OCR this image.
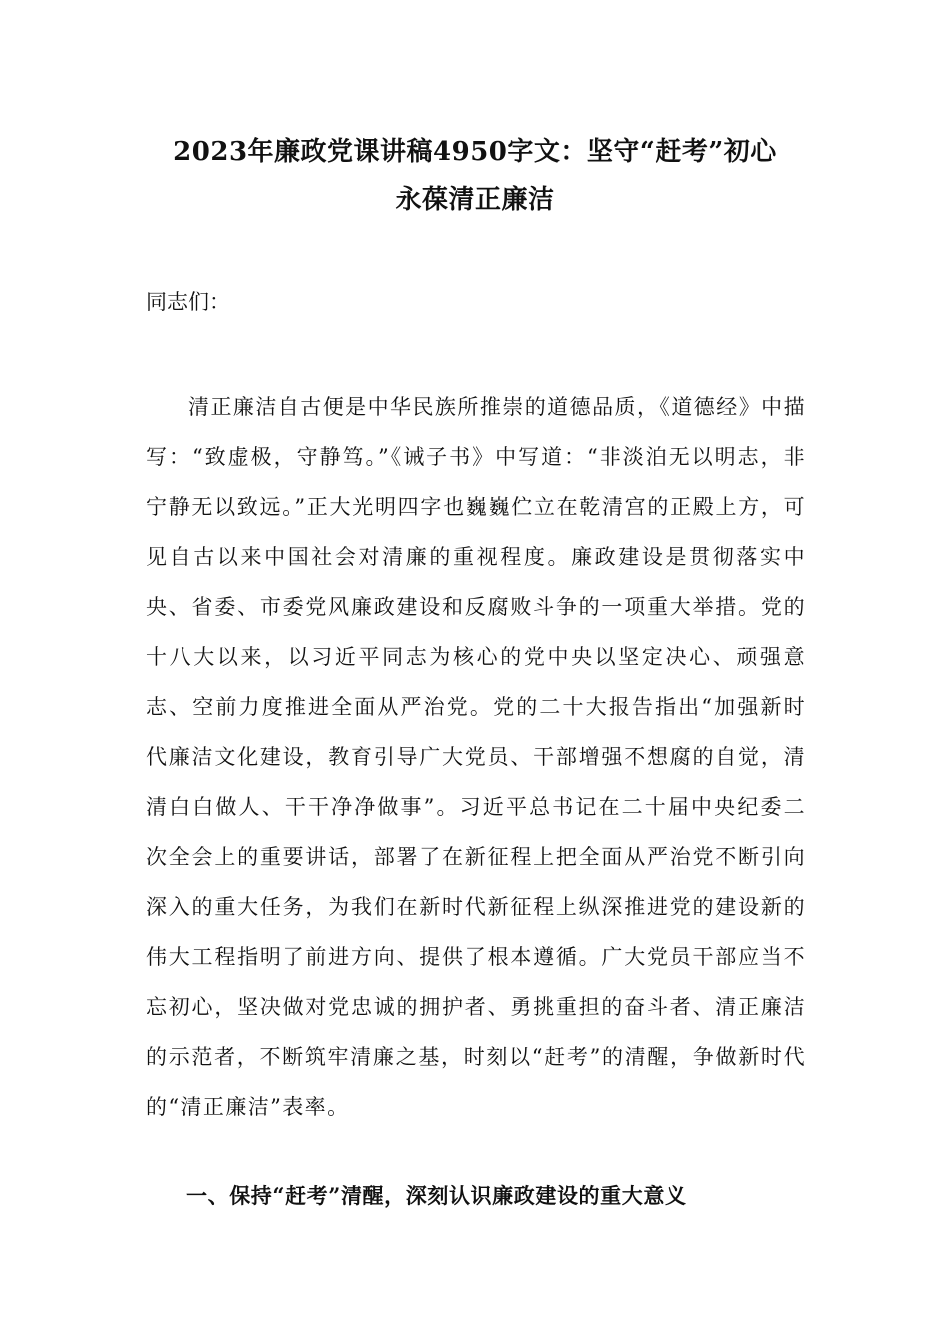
2023年廉政党课讲稿4950字文：坚守“赶考”初心
永葆清正廉洁
同志们：

清正廉洁自古便是中华民族所推崇的道德品质，《道德经》中描写：“致虚极，守静笃。”《诫子书》中写道：“非淡泊无以明志，非宁静无以致远。”正大光明四字也巍巍伫立在乾清宫的正殿上方，可见自古以来中国社会对清廉的重视程度。廉政建设是贯彻落实中央、省委、市委党风廉政建设和反腐败斗争的一项重大举措。党的十八大以来，以习近平同志为核心的党中央以坚定决心、顽强意志、空前力度推进全面从严治党。党的二十大报告指出“加强新时代廉洁文化建设，教育引导广大党员、干部增强不想腐的自觉，清清白白做人、干干净净做事”。习近平总书记在二十届中央纪委二次全会上的重要讲话，部署了在新征程上把全面从严治党不断引向深入的重大任务，为我们在新时代新征程上纵深推进党的建设新的伟大工程指明了前进方向、提供了根本遵循。广大党员干部应当不忘初心，坚决做对党忠诚的拥护者、勇挑重担的奋斗者、清正廉洁的示范者，不断筑牢清廉之基，时刻以“赶考”的清醒，争做新时代的“清正廉洁”表率。

一、保持“赶考”清醒，深刻认识廉政建设的重大意义
